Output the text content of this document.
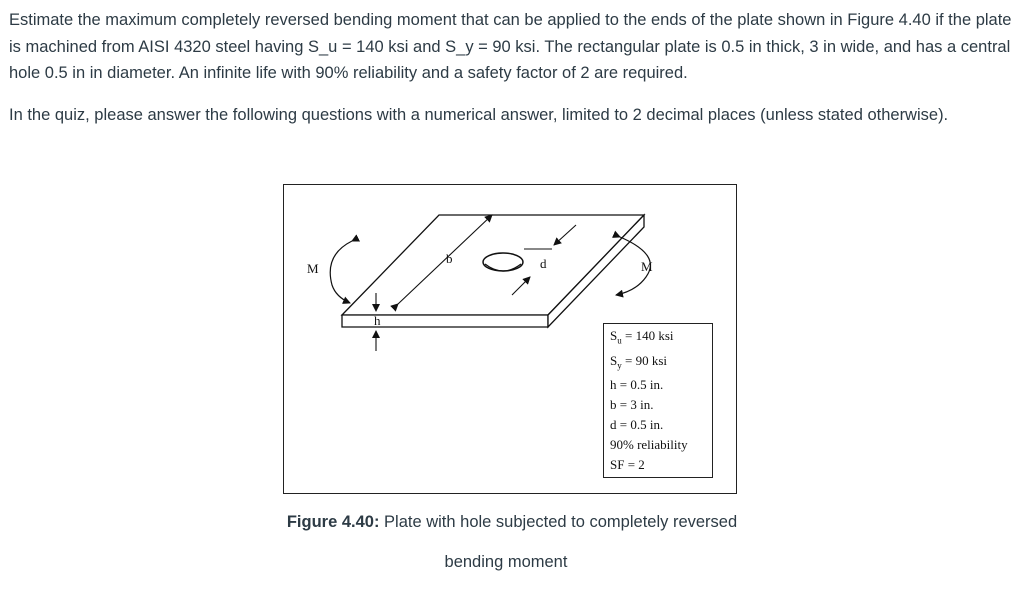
Estimate the maximum completely reversed bending moment that can be applied to the ends of the plate shown in Figure 4.40 if the plate is machined from AISI 4320 steel having S_u = 140 ksi and S_y = 90 ksi. The rectangular plate is 0.5 in thick, 3 in wide, and has a central hole 0.5 in in diameter. An infinite life with 90% reliability and a safety factor of 2 are required.

In the quiz, please answer the following questions with a numerical answer, limited to 2 decimal places (unless stated otherwise).

b	d
h
M	M
$S_u = 140$ ksi
$S_y = 90$ ksi
h = 0.5 in.
b = 3 in.
d = 0.5 in.
90% reliability
SF = 2
Figure 4.40: Plate with hole subjected to completely reversed
bending moment
